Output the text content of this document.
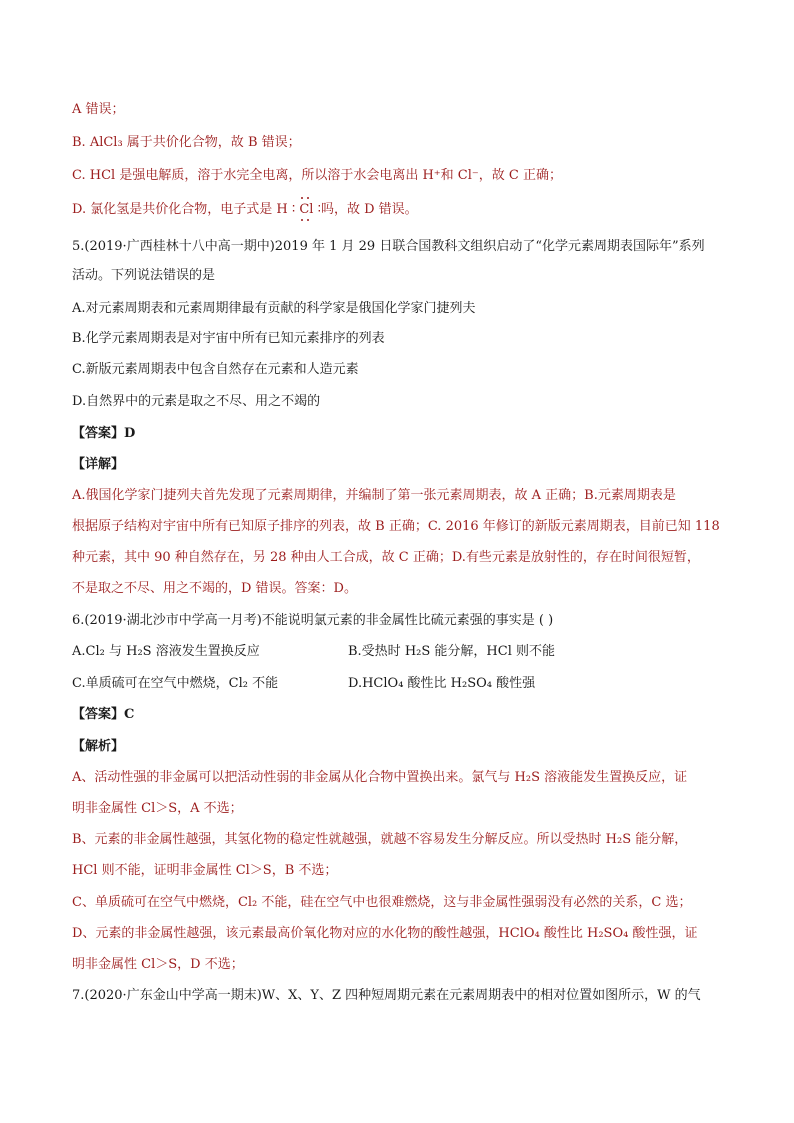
A 错误；
B. AlCl₃ 属于共价化合物，故 B 错误；
C. HCl 是强电解质，溶于水完全电离，所以溶于水会电离出 H⁺和 Cl⁻，故 C 正确；
D. 氯化氢是共价化合物，电子式是 H ∶ Cl ∶吗，故 D 错误。
5.(2019·广西桂林十八中高一期中)2019 年 1 月 29 日联合国教科文组织启动了“化学元素周期表国际年”系列
活动。下列说法错误的是
A.对元素周期表和元素周期律最有贡献的科学家是俄国化学家门捷列夫
B.化学元素周期表是对宇宙中所有已知元素排序的列表
C.新版元素周期表中包含自然存在元素和人造元素
D.自然界中的元素是取之不尽、用之不竭的
【答案】D
【详解】
A.俄国化学家门捷列夫首先发现了元素周期律，并编制了第一张元素周期表，故 A 正确；B.元素周期表是
根据原子结构对宇宙中所有已知原子排序的列表，故 B 正确；C. 2016 年修订的新版元素周期表，目前已知 118
种元素，其中 90 种自然存在，另 28 种由人工合成，故 C 正确；D.有些元素是放射性的，存在时间很短暂，
不是取之不尽、用之不竭的，D 错误。答案：D。
6.(2019·湖北沙市中学高一月考)不能说明氯元素的非金属性比硫元素强的事实是 ( )
A.Cl₂ 与 H₂S 溶液发生置换反应	B.受热时 H₂S 能分解，HCl 则不能
C.单质硫可在空气中燃烧，Cl₂ 不能	D.HClO₄ 酸性比 H₂SO₄ 酸性强
【答案】C
【解析】
A、活动性强的非金属可以把活动性弱的非金属从化合物中置换出来。氯气与 H₂S 溶液能发生置换反应，证
明非金属性 Cl＞S，A 不选；
B、元素的非金属性越强，其氢化物的稳定性就越强，就越不容易发生分解反应。所以受热时 H₂S 能分解，
HCl 则不能，证明非金属性 Cl＞S，B 不选；
C、单质硫可在空气中燃烧，Cl₂ 不能，硅在空气中也很难燃烧，这与非金属性强弱没有必然的关系，C 选；
D、元素的非金属性越强，该元素最高价氧化物对应的水化物的酸性越强，HClO₄ 酸性比 H₂SO₄ 酸性强，证
明非金属性 Cl＞S，D 不选；
7.(2020·广东金山中学高一期末)W、X、Y、Z 四种短周期元素在元素周期表中的相对位置如图所示，W 的气
